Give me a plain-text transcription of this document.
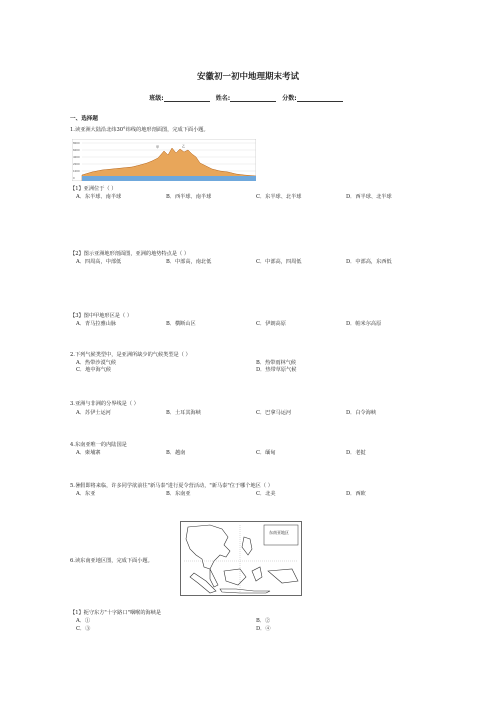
安徽初一初中地理期末考试
班级:	姓名:	分数:
一、选择题
1.读亚洲大陆沿北纬30°纬线的地形剖面图，完成下面小题。
8000
6000
4000
2000
1000
0
甲	乙
【1】亚洲位于（ ）
A．东半球、南半球	B．西半球、南半球	C．东半球、北半球	D．西半球、北半球
【2】图示亚洲地形剖面图，亚洲的地势特点是（ ）
A．四周高，中部低	B．中部高，南北低	C．中部高，四周低	D．中部高，东西低
【3】图中甲地形区是（ ）
A．青马拉雅山脉	B．横断山区	C．伊朗高原	D．帕米尔高原
2.下列气候类型中，是亚洲所缺少的气候类型是（ ）
A．热带沙漠气候	B．热带雨林气候
C．地中海气候	D．热带草原气候
3.亚洲与非洲的分界线是（ ）
A．苏伊士运河	B．土耳其海峡	C．巴拿马运河	D．白令海峡
4.东南亚唯一的内陆国是
A．柬埔寨	B．越南	C．缅甸	D．老挝
5.暑假即将来临，许多同学欲前往"新马泰"进行夏令营活动，"新马泰"位于哪个地区（ ）
A．东亚	B．东南亚	C．北美	D．西欧
东南亚地区
6.读东南亚地区图，完成下面小题。
【1】扼守东方"十字路口"咽喉的海峡是
A．①	B．②
C．③	D．④
